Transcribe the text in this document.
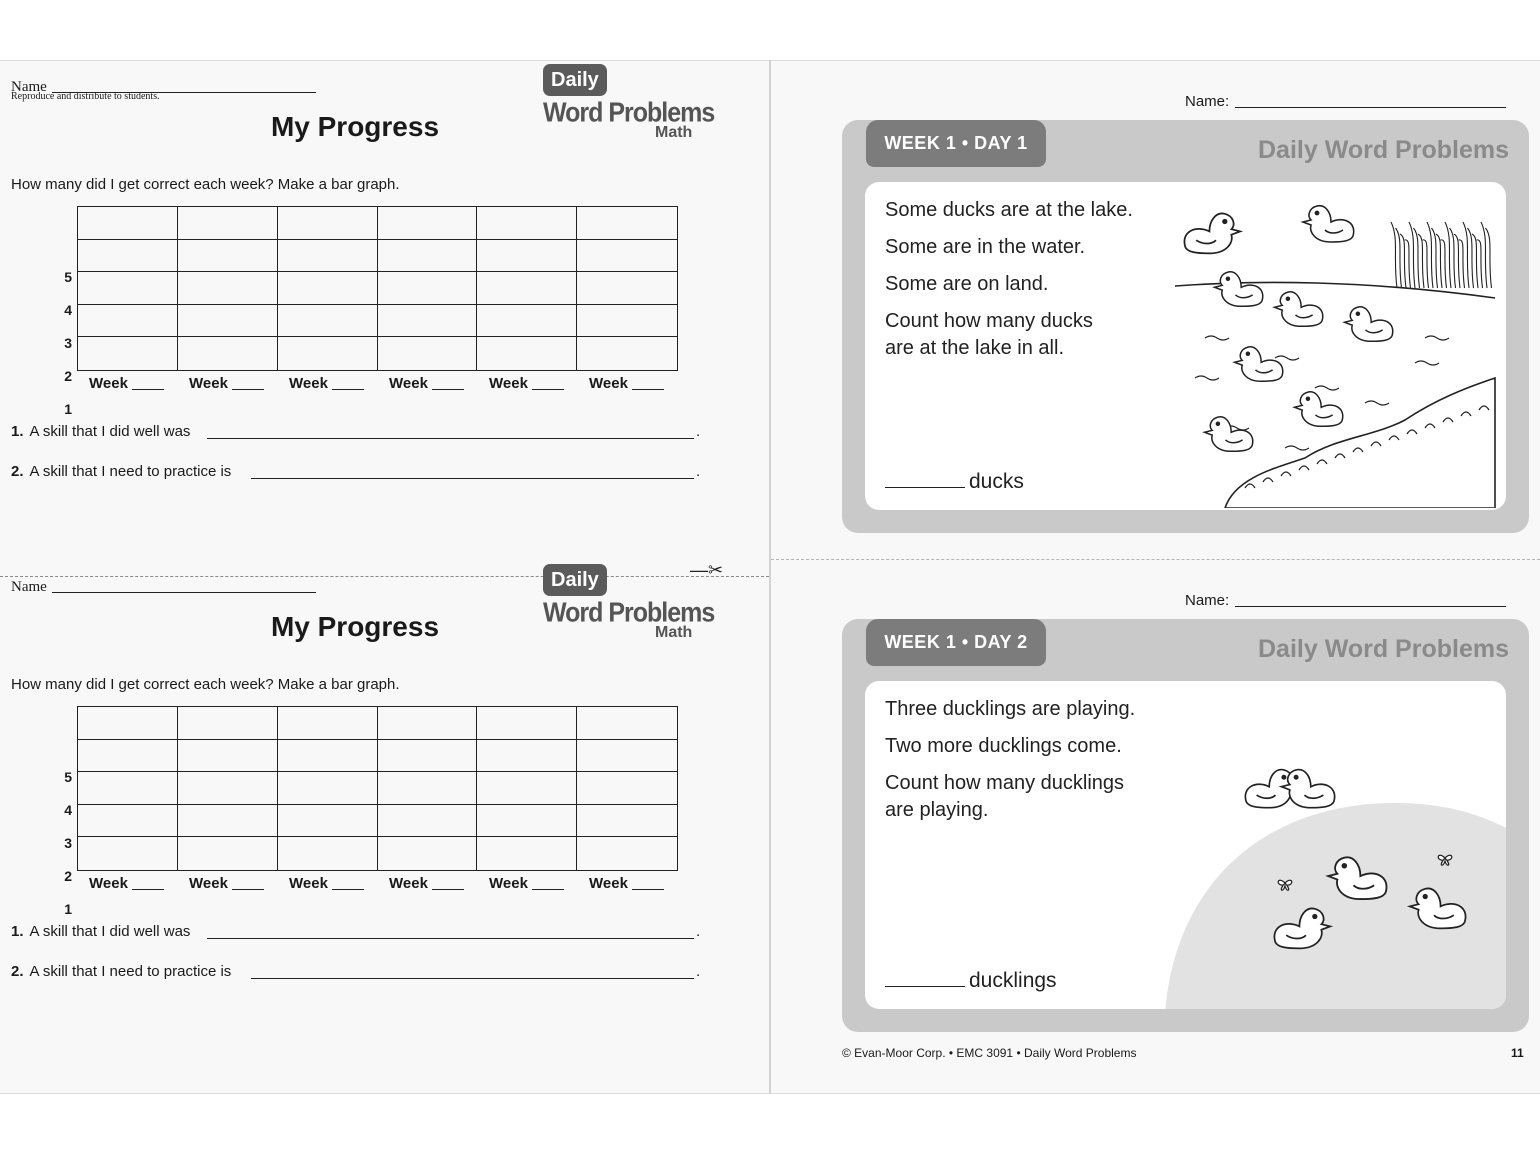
Reproduce and distribute to students.
—✂
Name	Daily
Word Problems
Math
My Progress
How many did I get correct each week? Make a bar graph.
5
4
3
2
1
Week	Week	Week	Week	Week	Week
1. A skill that I did well was	.
2. A skill that I need to practice is	.
Name	Daily
Word Problems
Math
My Progress
How many did I get correct each week? Make a bar graph.
5
4
3
2
1
Week	Week	Week	Week	Week	Week
1. A skill that I did well was	.
2. A skill that I need to practice is	.
Name:
WEEK 1 • DAY 1	Daily Word Problems
Some ducks are at the lake.
Some are in the water.
Some are on land.
Count how many ducks
are at the lake in all.
ducks
Name:
WEEK 1 • DAY 2	Daily Word Problems
Three ducklings are playing.
Two more ducklings come.
Count how many ducklings
are playing.
ducklings
© Evan-Moor Corp. • EMC 3091 • Daily Word Problems	11
